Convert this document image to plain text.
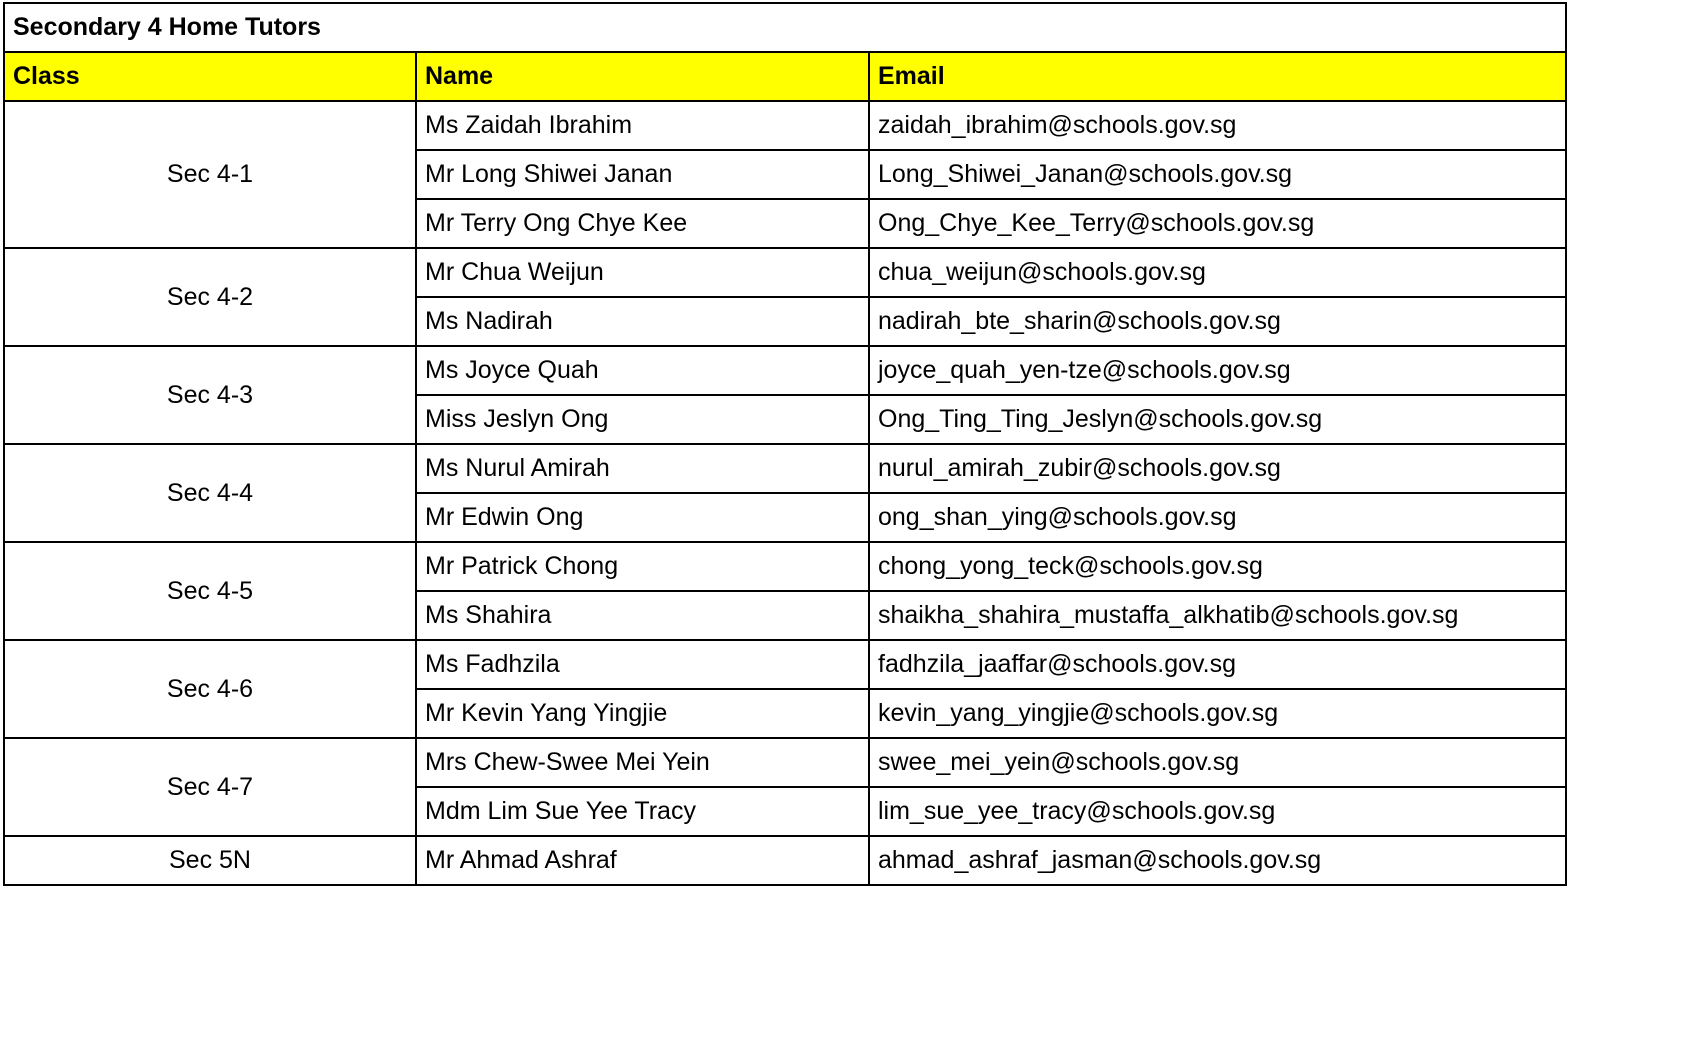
Secondary 4 Home Tutors		
Class	Name	Email
Sec 4-1	Ms Zaidah Ibrahim	zaidah_ibrahim@schools.gov.sg
	Mr Long Shiwei Janan	Long_Shiwei_Janan@schools.gov.sg
	Mr Terry Ong Chye Kee	Ong_Chye_Kee_Terry@schools.gov.sg
Sec 4-2	Mr Chua Weijun	chua_weijun@schools.gov.sg
	Ms Nadirah	nadirah_bte_sharin@schools.gov.sg
Sec 4-3	Ms Joyce Quah	joyce_quah_yen-tze@schools.gov.sg
	Miss Jeslyn Ong	Ong_Ting_Ting_Jeslyn@schools.gov.sg
Sec 4-4	Ms Nurul Amirah	nurul_amirah_zubir@schools.gov.sg
	Mr Edwin Ong	ong_shan_ying@schools.gov.sg
Sec 4-5	Mr Patrick Chong	chong_yong_teck@schools.gov.sg
	Ms Shahira	shaikha_shahira_mustaffa_alkhatib@schools.gov.sg
Sec 4-6	Ms Fadhzila	fadhzila_jaaffar@schools.gov.sg
	Mr Kevin Yang Yingjie	kevin_yang_yingjie@schools.gov.sg
Sec 4-7	Mrs Chew-Swee Mei Yein	swee_mei_yein@schools.gov.sg
	Mdm Lim Sue Yee Tracy	lim_sue_yee_tracy@schools.gov.sg
Sec 5N	Mr Ahmad Ashraf	ahmad_ashraf_jasman@schools.gov.sg
